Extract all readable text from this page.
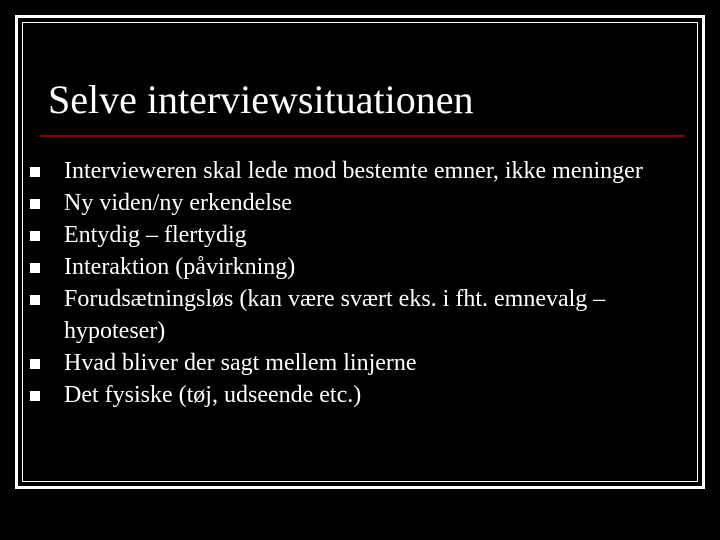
Selve interviewsituationen
Intervieweren skal lede mod bestemte emner, ikke meninger
Ny viden/ny erkendelse
Entydig – flertydig
Interaktion (påvirkning)
Forudsætningsløs (kan være svært eks. i fht. emnevalg – hypoteser)
Hvad bliver der sagt mellem linjerne
Det fysiske (tøj, udseende etc.)
